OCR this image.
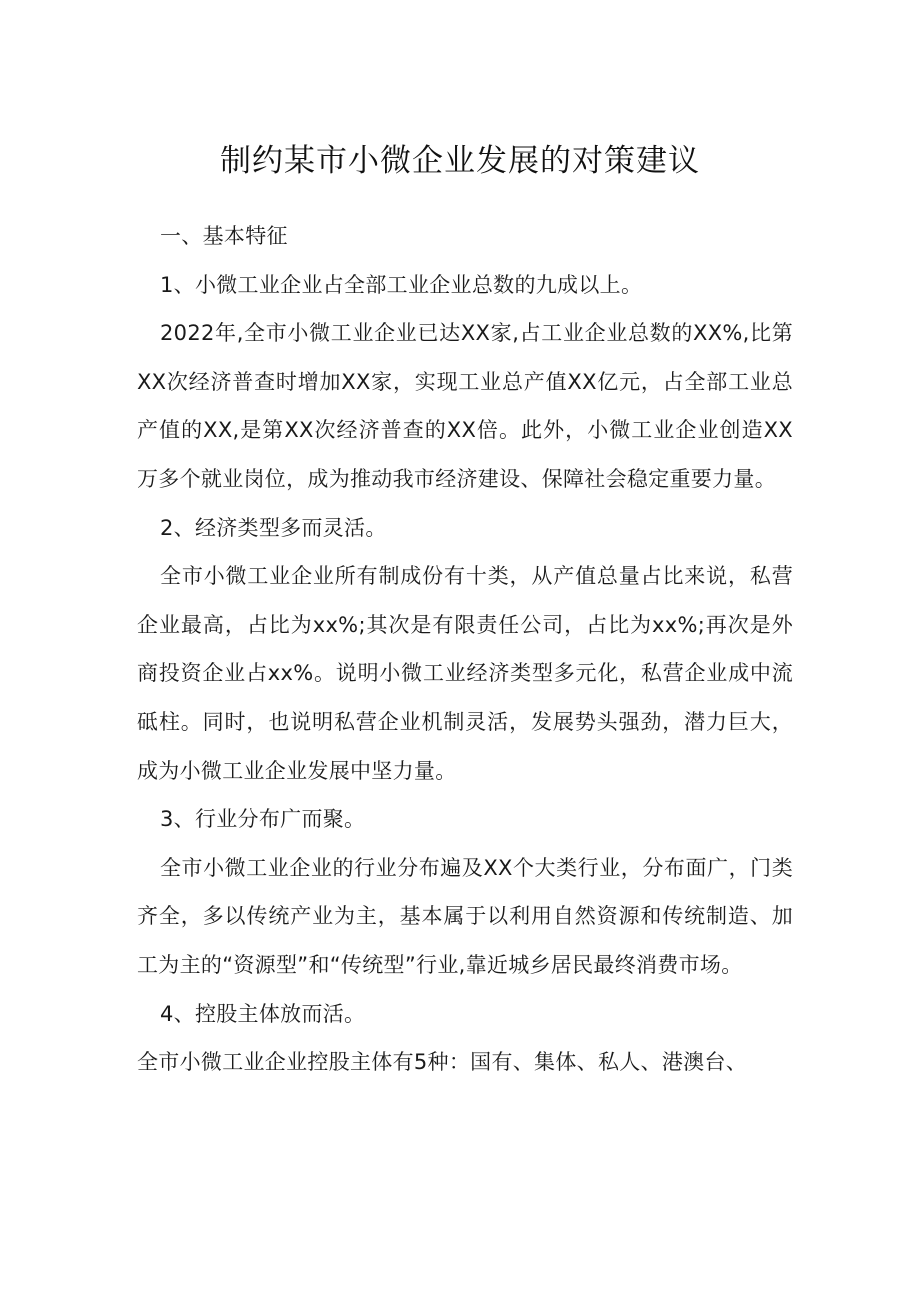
制约某市小微企业发展的对策建议

一、基本特征

1、小微工业企业占全部工业企业总数的九成以上。

2022年,全市小微工业企业已达XX家,占工业企业总数的XX%,比第XX次经济普查时增加XX家，实现工业总产值XX亿元，占全部工业总产值的XX,是第XX次经济普查的XX倍。此外，小微工业企业创造XX万多个就业岗位，成为推动我市经济建设、保障社会稳定重要力量。

2、经济类型多而灵活。

全市小微工业企业所有制成份有十类，从产值总量占比来说，私营企业最高，占比为xx%;其次是有限责任公司，占比为xx%;再次是外商投资企业占xx%。说明小微工业经济类型多元化，私营企业成中流砥柱。同时，也说明私营企业机制灵活，发展势头强劲，潜力巨大，成为小微工业企业发展中坚力量。

3、行业分布广而聚。

全市小微工业企业的行业分布遍及XX个大类行业，分布面广，门类齐全，多以传统产业为主，基本属于以利用自然资源和传统制造、加工为主的“资源型”和“传统型”行业,靠近城乡居民最终消费市场。

4、控股主体放而活。

全市小微工业企业控股主体有5种：国有、集体、私人、港澳台、
